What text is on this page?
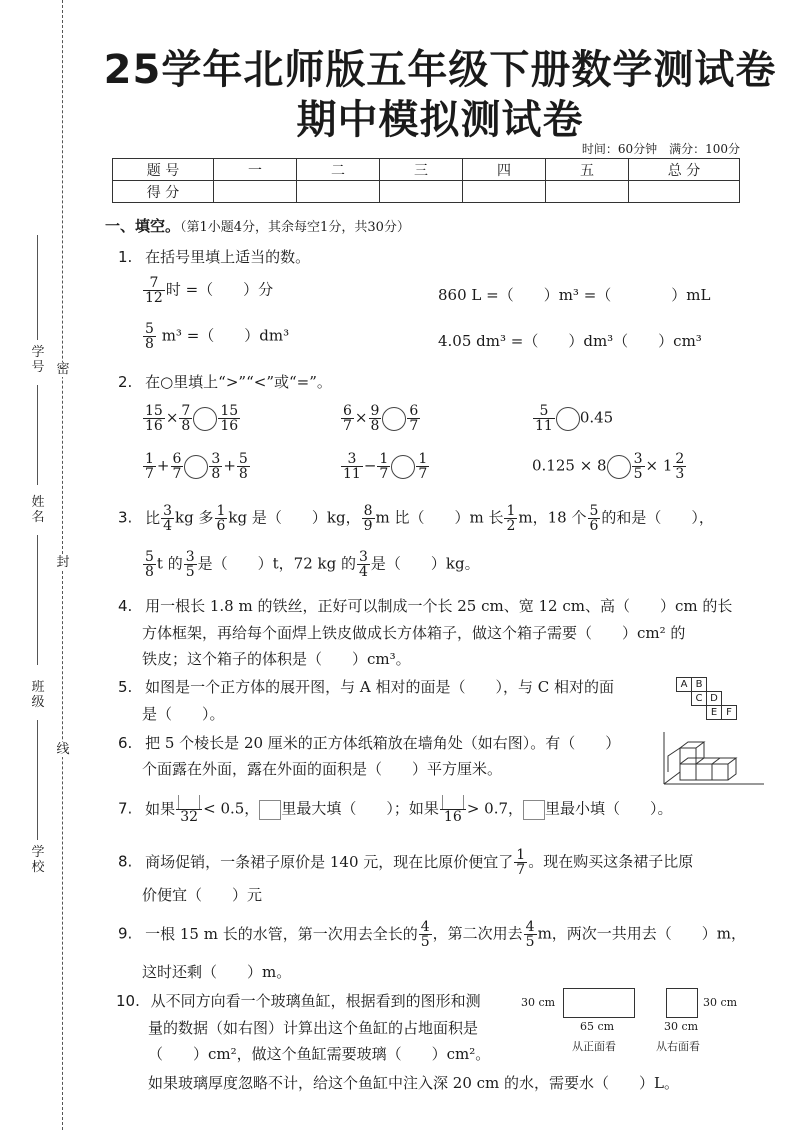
学号
姓名
班级
学校
密
封
线
25学年北师版五年级下册数学测试卷
期中模拟测试卷
时间：60分钟　满分：100分
题 号	一	二	三	四	五	总 分
得 分						
一、填空。（第1小题4分，其余每空1分，共30分）
1. 在括号里填上适当的数。
$\frac{7}{12}$ 时 =（　　）分	860 L =（　　）m³ =（　　　　）mL
$\frac{5}{8} m^3$ =（　　）dm³	4.05 dm³ =（　　）dm³（　　）cm³
2. 在○里填上“>”“<”或“=”。
$\frac{15}{16} \times \frac{7}{8} \frac{15}{16}$	$\frac{6}{7} \times \frac{9}{8} \frac{6}{7}$	$\frac{5}{11} 0.45$
$\frac{1}{7} + \frac{6}{7} \frac{3}{8} + \frac{5}{8}$	$\frac{3}{11} - \frac{1}{7} \frac{1}{7}$	$0.125 \times 8 \frac{3}{5} \times 1 \frac{2}{3}$
3. 比 $\frac{3}{4}$ kg 多 $\frac{1}{6}$ kg 是（　　）kg， $\frac{8}{9}$ m 比（　　）m 长 $\frac{1}{2}$ m，18 个 $\frac{5}{6}$ 的和是（　　），
$\frac{5}{8}$ t 的 $\frac{3}{5}$ 是（　　）t，72 kg 的 $\frac{3}{4}$ 是（　　）kg。
4. 用一根长 1.8 m 的铁丝，正好可以制成一个长 25 cm、宽 12 cm、高（　　）cm 的长
方体框架，再给每个面焊上铁皮做成长方体箱子，做这个箱子需要（　　）cm² 的
铁皮；这个箱子的体积是（　　）cm³。
5. 如图是一个正方体的展开图，与 A 相对的面是（　　），与 C 相对的面
是（　　）。
A B
C D
E F
6. 把 5 个棱长是 20 厘米的正方体纸箱放在墙角处（如右图）。有（　　）
个面露在外面，露在外面的面积是（　　）平方厘米。
7. 如果 32 < 0.5， 里最大填（　　）；如果 16 > 0.7， 里最小填（　　）。
8. 商场促销，一条裙子原价是 140 元，现在比原价便宜了 $\frac{1}{7}$ 。现在购买这条裙子比原
价便宜（　　）元
9. 一根 15 m 长的水管，第一次用去全长的 $\frac{4}{5}$ ，第二次用去 $\frac{4}{5}$ m，两次一共用去（　　）m，
这时还剩（　　）m。
10. 从不同方向看一个玻璃鱼缸，根据看到的图形和测
量的数据（如右图）计算出这个鱼缸的占地面积是
（　　）cm²，做这个鱼缸需要玻璃（　　）cm²。
如果玻璃厚度忽略不计，给这个鱼缸中注入深 20 cm 的水，需要水（　　）L。
30 cm
65 cm
从正面看
30 cm
30 cm
从右面看
